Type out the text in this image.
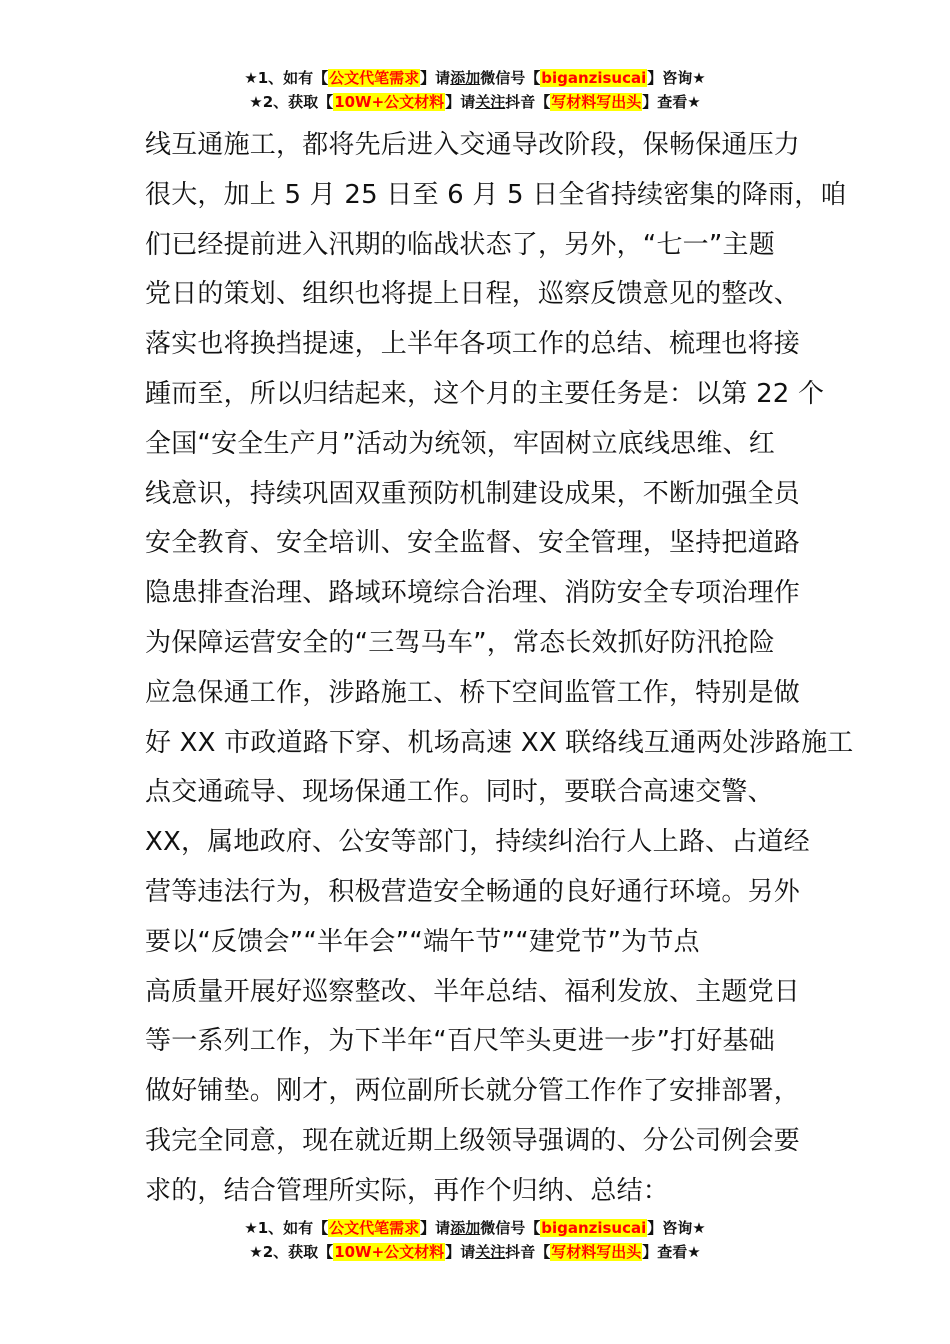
★1、如有【公文代笔需求】请添加微信号【biganzisucai】咨询★
★2、获取【10W+公文材料】请关注抖音【写材料写出头】查看★
线互通施工，都将先后进入交通导改阶段，保畅保通压力
很大，加上 5 月 25 日至 6 月 5 日全省持续密集的降雨，咱
们已经提前进入汛期的临战状态了，另外，“七一”主题
党日的策划、组织也将提上日程，巡察反馈意见的整改、
落实也将换挡提速，上半年各项工作的总结、梳理也将接
踵而至，所以归结起来，这个月的主要任务是：以第 22 个
全国“安全生产月”活动为统领，牢固树立底线思维、红
线意识，持续巩固双重预防机制建设成果，不断加强全员
安全教育、安全培训、安全监督、安全管理，坚持把道路
隐患排查治理、路域环境综合治理、消防安全专项治理作
为保障运营安全的“三驾马车”，常态长效抓好防汛抢险
应急保通工作，涉路施工、桥下空间监管工作，特别是做
好 XX 市政道路下穿、机场高速 XX 联络线互通两处涉路施工
点交通疏导、现场保通工作。同时，要联合高速交警、
XX，属地政府、公安等部门，持续纠治行人上路、占道经
营等违法行为，积极营造安全畅通的良好通行环境。另外
要以“反馈会”“半年会”“端午节”“建党节”为节点
高质量开展好巡察整改、半年总结、福利发放、主题党日
等一系列工作，为下半年“百尺竿头更进一步”打好基础
做好铺垫。刚才，两位副所长就分管工作作了安排部署，
我完全同意，现在就近期上级领导强调的、分公司例会要
求的，结合管理所实际，再作个归纳、总结：
★1、如有【公文代笔需求】请添加微信号【biganzisucai】咨询★
★2、获取【10W+公文材料】请关注抖音【写材料写出头】查看★
